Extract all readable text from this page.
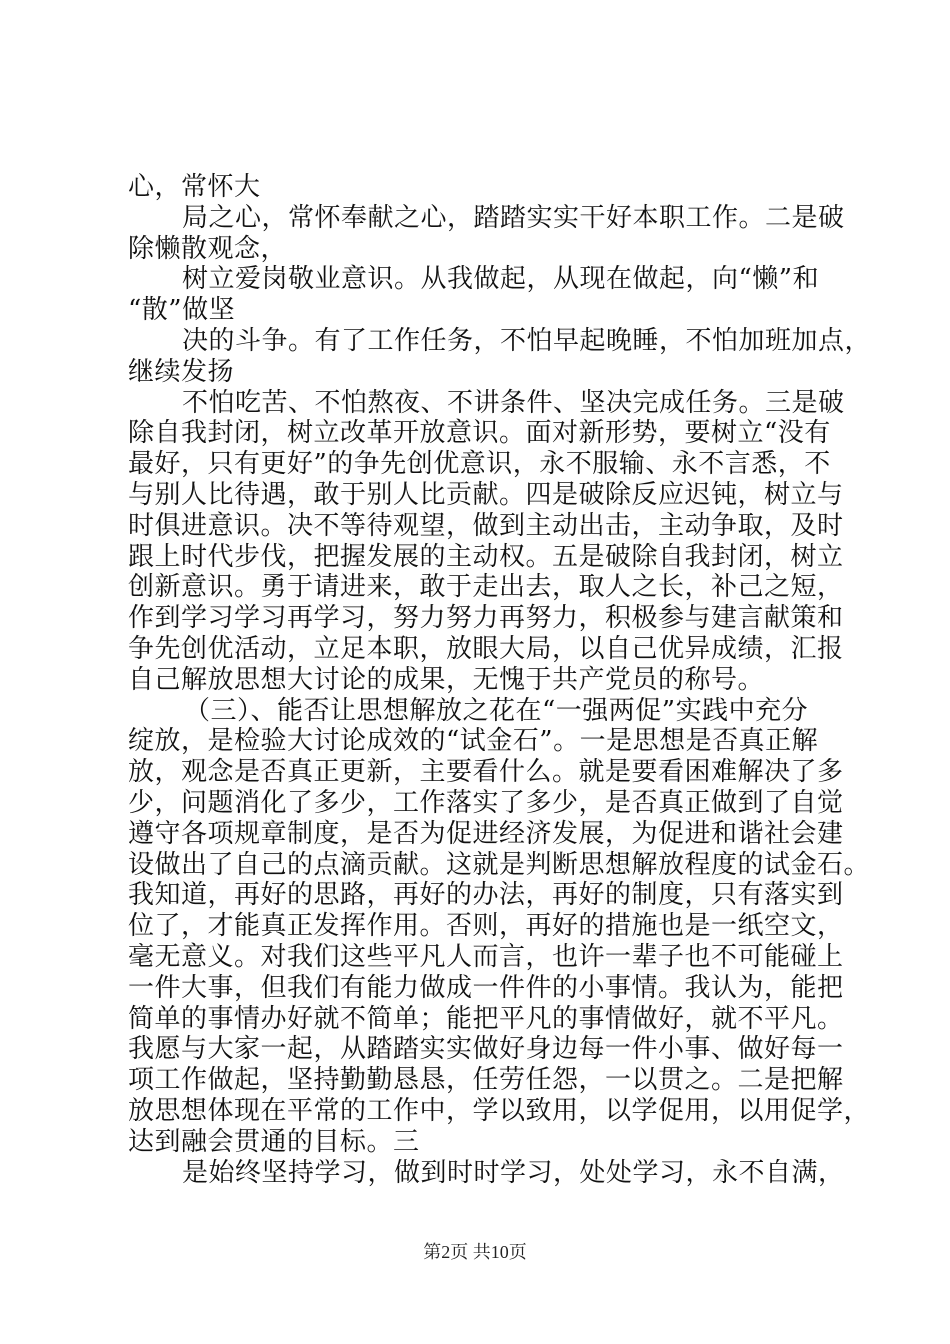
心，常怀大
局之心，常怀奉献之心，踏踏实实干好本职工作。二是破
除懒散观念，
树立爱岗敬业意识。从我做起，从现在做起，向“懒”和
“散”做坚
决的斗争。有了工作任务，不怕早起晚睡，不怕加班加点，
继续发扬
不怕吃苦、不怕熬夜、不讲条件、坚决完成任务。三是破
除自我封闭，树立改革开放意识。面对新形势，要树立“没有
最好，只有更好”的争先创优意识，永不服输、永不言悉，不
与别人比待遇，敢于别人比贡献。四是破除反应迟钝，树立与
时俱进意识。决不等待观望，做到主动出击，主动争取，及时
跟上时代步伐，把握发展的主动权。五是破除自我封闭，树立
创新意识。勇于请进来，敢于走出去，取人之长，补己之短，
作到学习学习再学习，努力努力再努力，积极参与建言献策和
争先创优活动，立足本职，放眼大局，以自己优异成绩，汇报
自己解放思想大讨论的成果，无愧于共产党员的称号。

（三）、能否让思想解放之花在“一强两促”实践中充分
绽放，是检验大讨论成效的“试金石”。一是思想是否真正解
放，观念是否真正更新，主要看什么。就是要看困难解决了多
少，问题消化了多少，工作落实了多少，是否真正做到了自觉
遵守各项规章制度，是否为促进经济发展，为促进和谐社会建
设做出了自己的点滴贡献。这就是判断思想解放程度的试金石。
我知道，再好的思路，再好的办法，再好的制度，只有落实到
位了，才能真正发挥作用。否则，再好的措施也是一纸空文，
毫无意义。对我们这些平凡人而言，也许一辈子也不可能碰上
一件大事，但我们有能力做成一件件的小事情。我认为，能把
简单的事情办好就不简单；能把平凡的事情做好，就不平凡。
我愿与大家一起，从踏踏实实做好身边每一件小事、做好每一
项工作做起，坚持勤勤恳恳，任劳任怨，一以贯之。二是把解
放思想体现在平常的工作中，学以致用，以学促用，以用促学，
达到融会贯通的目标。三
是始终坚持学习，做到时时学习，处处学习，永不自满，

第2页 共10页
